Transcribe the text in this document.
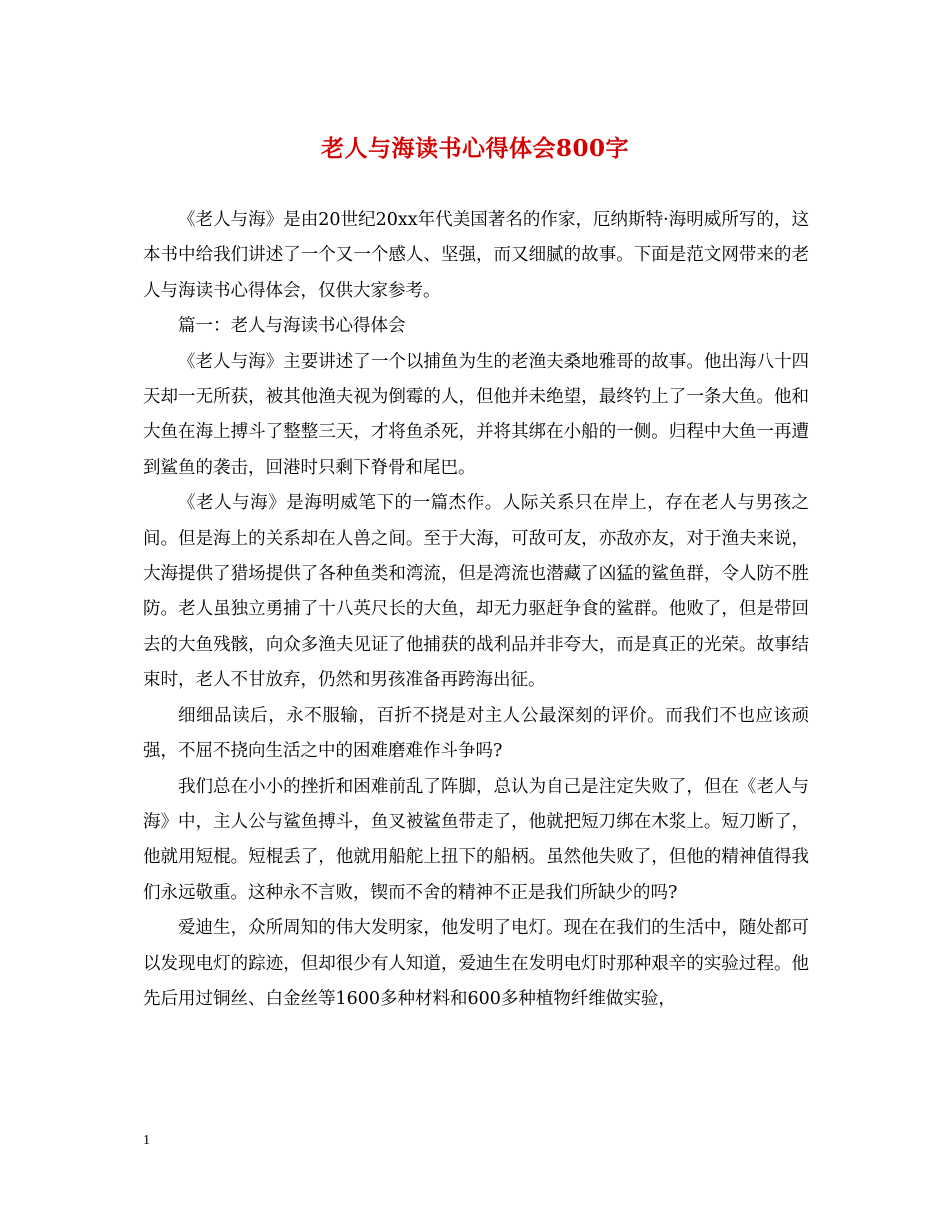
老人与海读书心得体会800字

《老人与海》是由20世纪20xx年代美国著名的作家，厄纳斯特·海明威所写的，这本书中给我们讲述了一个又一个感人、坚强，而又细腻的故事。下面是范文网带来的老人与海读书心得体会，仅供大家参考。

篇一：老人与海读书心得体会

《老人与海》主要讲述了一个以捕鱼为生的老渔夫桑地雅哥的故事。他出海八十四天却一无所获，被其他渔夫视为倒霉的人，但他并未绝望，最终钓上了一条大鱼。他和大鱼在海上搏斗了整整三天，才将鱼杀死，并将其绑在小船的一侧。归程中大鱼一再遭到鲨鱼的袭击，回港时只剩下脊骨和尾巴。

《老人与海》是海明威笔下的一篇杰作。人际关系只在岸上，存在老人与男孩之间。但是海上的关系却在人兽之间。至于大海，可敌可友，亦敌亦友，对于渔夫来说，大海提供了猎场提供了各种鱼类和湾流，但是湾流也潜藏了凶猛的鲨鱼群，令人防不胜防。老人虽独立勇捕了十八英尺长的大鱼，却无力驱赶争食的鲨群。他败了，但是带回去的大鱼残骸，向众多渔夫见证了他捕获的战利品并非夸大，而是真正的光荣。故事结束时，老人不甘放弃，仍然和男孩准备再跨海出征。

细细品读后，永不服输，百折不挠是对主人公最深刻的评价。而我们不也应该顽强，不屈不挠向生活之中的困难磨难作斗争吗?

我们总在小小的挫折和困难前乱了阵脚，总认为自己是注定失败了，但在《老人与海》中，主人公与鲨鱼搏斗，鱼叉被鲨鱼带走了，他就把短刀绑在木浆上。短刀断了，他就用短棍。短棍丢了，他就用船舵上扭下的船柄。虽然他失败了，但他的精神值得我们永远敬重。这种永不言败，锲而不舍的精神不正是我们所缺少的吗?

爱迪生，众所周知的伟大发明家，他发明了电灯。现在在我们的生活中，随处都可以发现电灯的踪迹，但却很少有人知道，爱迪生在发明电灯时那种艰辛的实验过程。他先后用过铜丝、白金丝等1600多种材料和600多种植物纤维做实验，

1
